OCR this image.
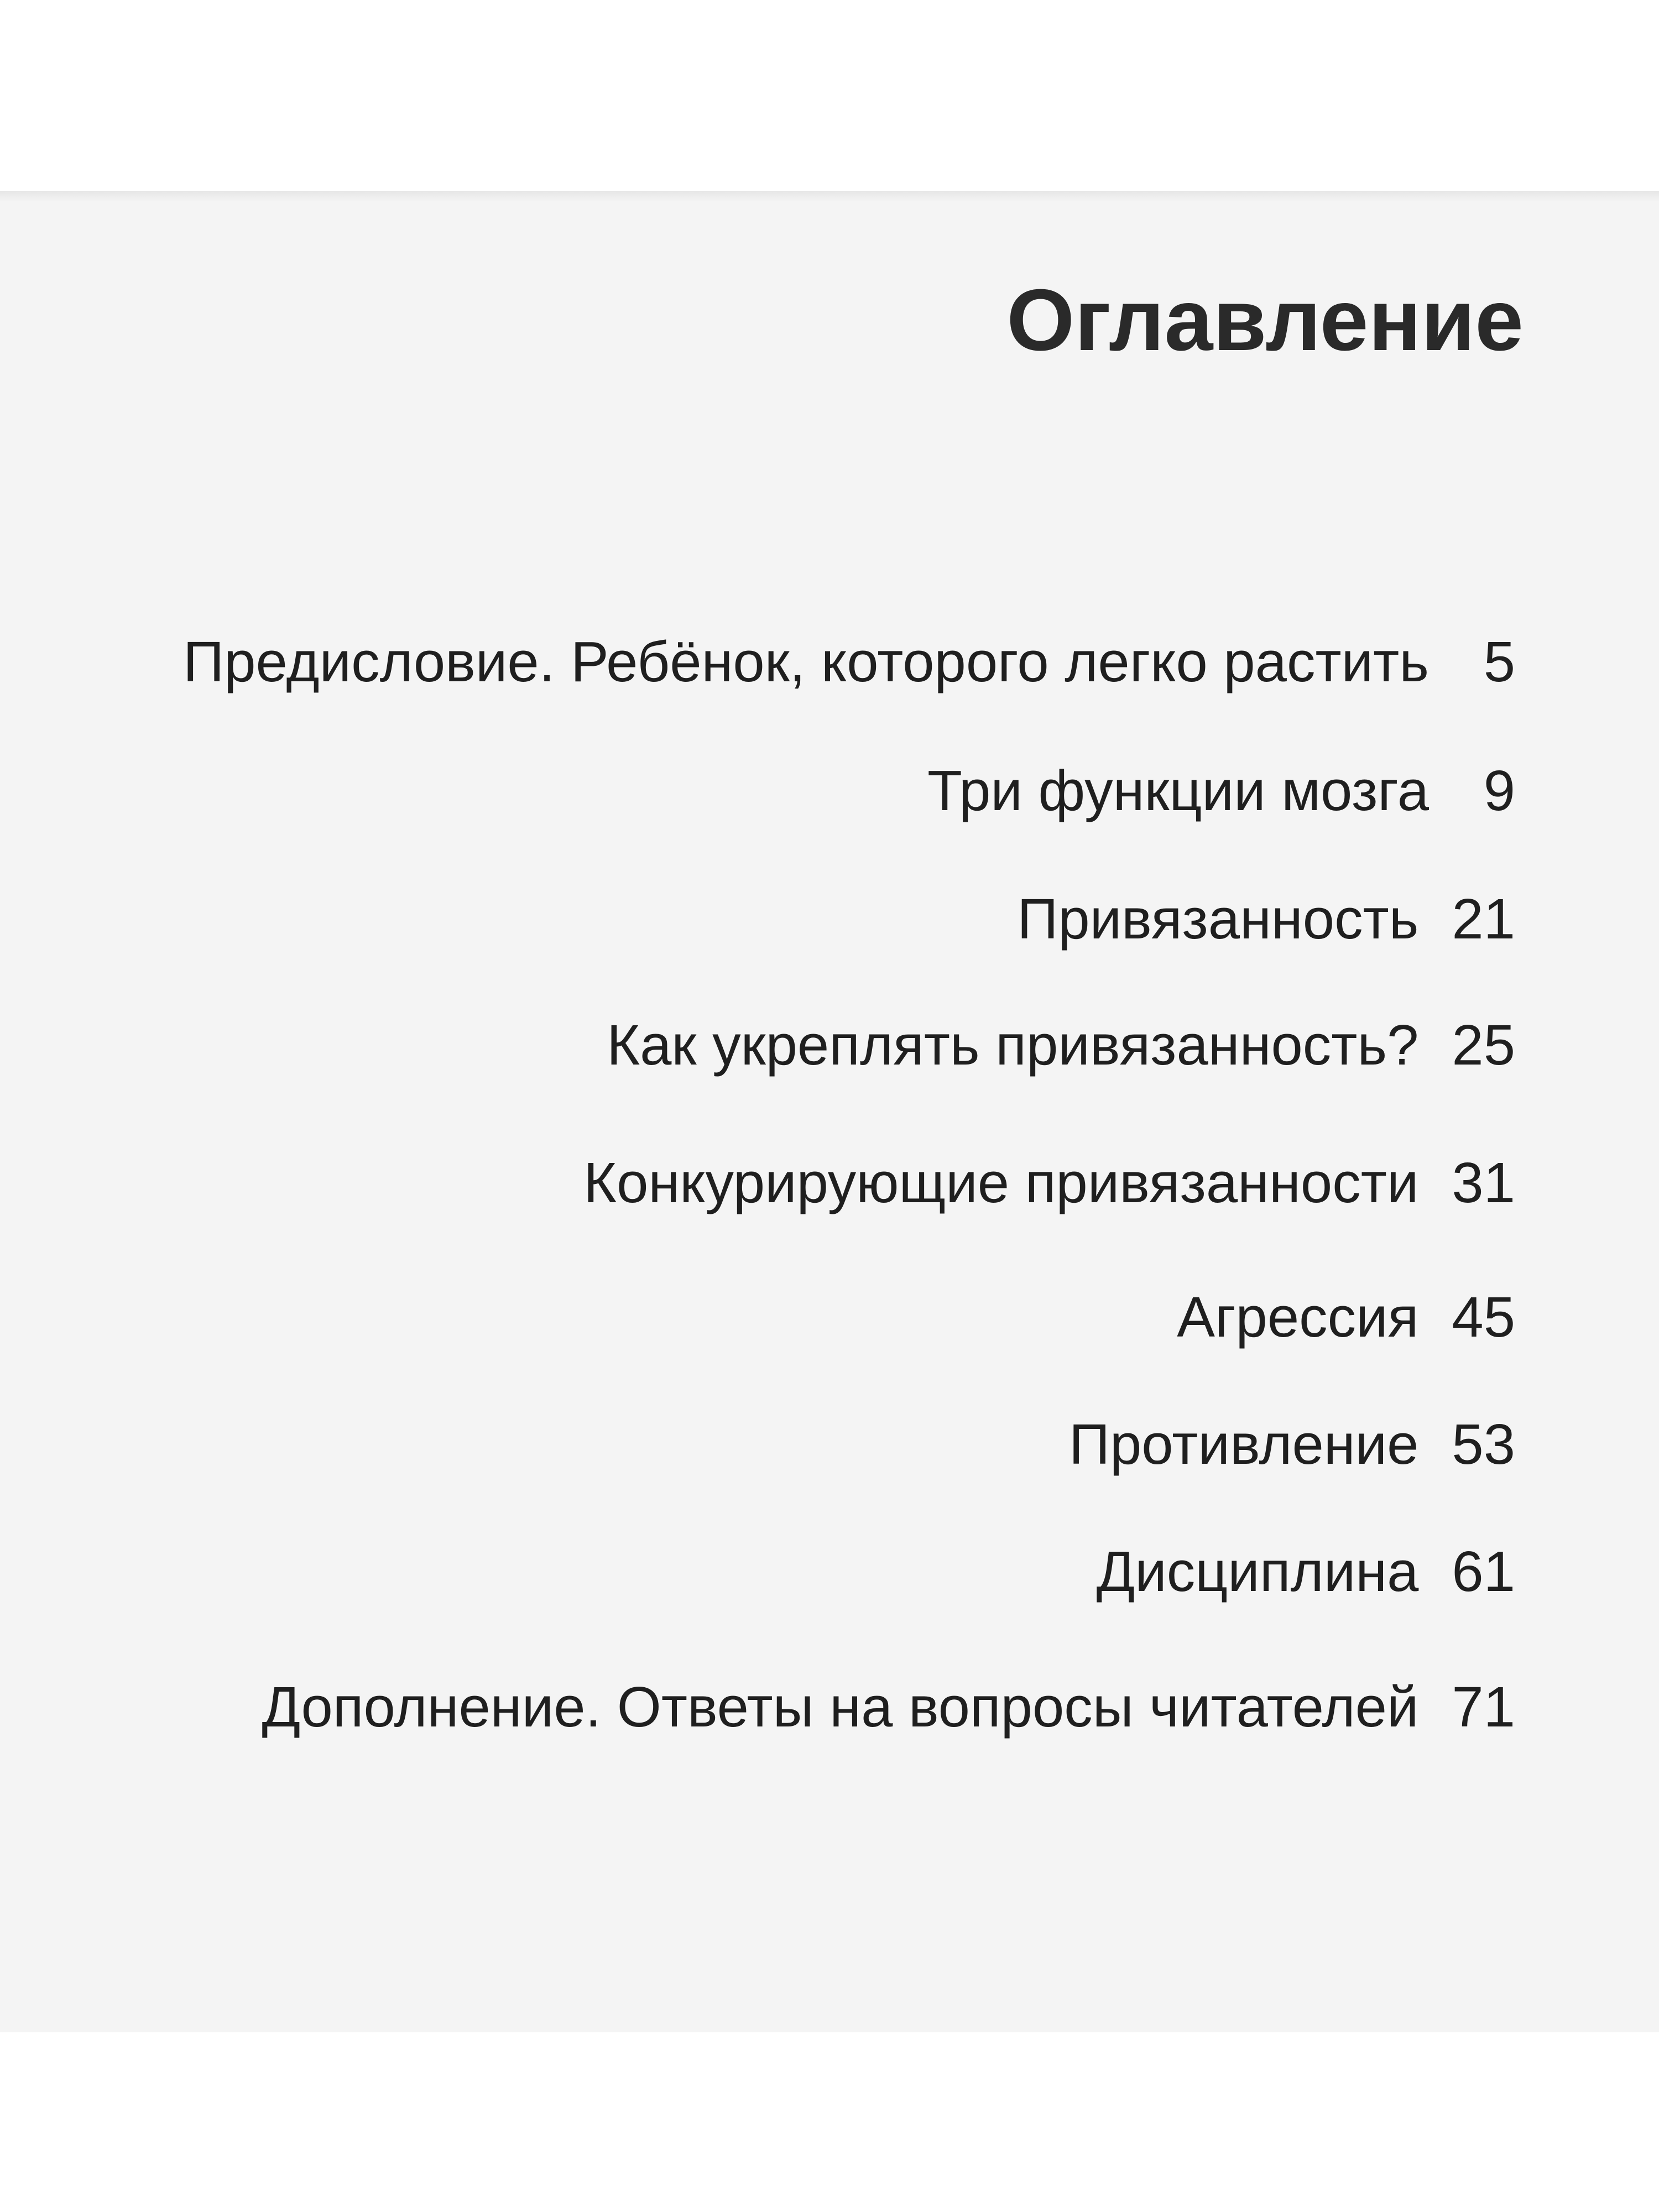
Оглавление
Предисловие. Ребёнок, которого легко растить 5
Три функции мозга 9
Привязанность 21
Как укреплять привязанность? 25
Конкурирующие привязанности 31
Агрессия 45
Противление 53
Дисциплина 61
Дополнение. Ответы на вопросы читателей 71
